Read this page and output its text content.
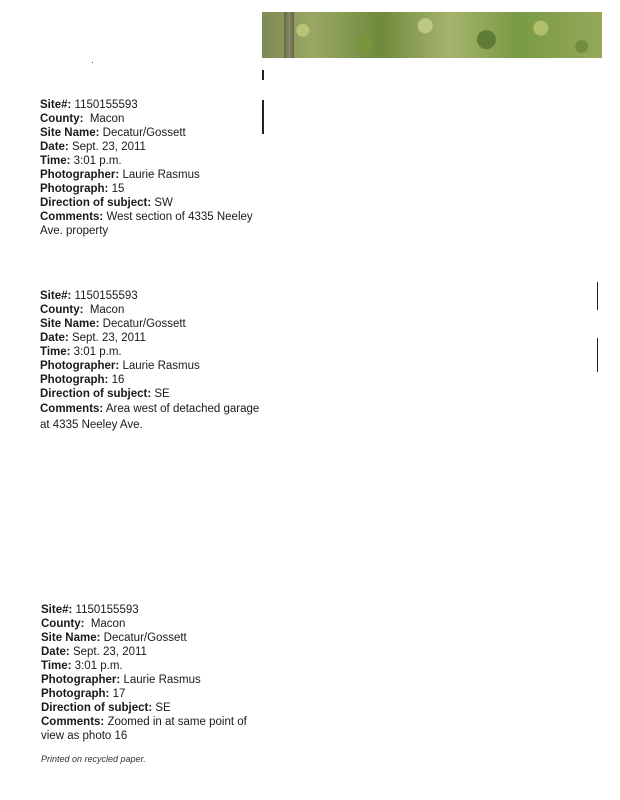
Site#: 1150155593
County: Macon
Site Name: Decatur/Gossett
Date: Sept. 23, 2011
Time: 3:01 p.m.
Photographer: Laurie Rasmus
Photograph: 15
Direction of subject: SW
Comments: West section of 4335 Neeley Ave. property
Site#: 1150155593
County: Macon
Site Name: Decatur/Gossett
Date: Sept. 23, 2011
Time: 3:01 p.m.
Photographer: Laurie Rasmus
Photograph: 16
Direction of subject: SE
Comments: Area west of detached garage at 4335 Neeley Ave.
Site#: 1150155593
County: Macon
Site Name: Decatur/Gossett
Date: Sept. 23, 2011
Time: 3:01 p.m.
Photographer: Laurie Rasmus
Photograph: 17
Direction of subject: SE
Comments: Zoomed in at same point of view as photo 16
Printed on recycled paper.
